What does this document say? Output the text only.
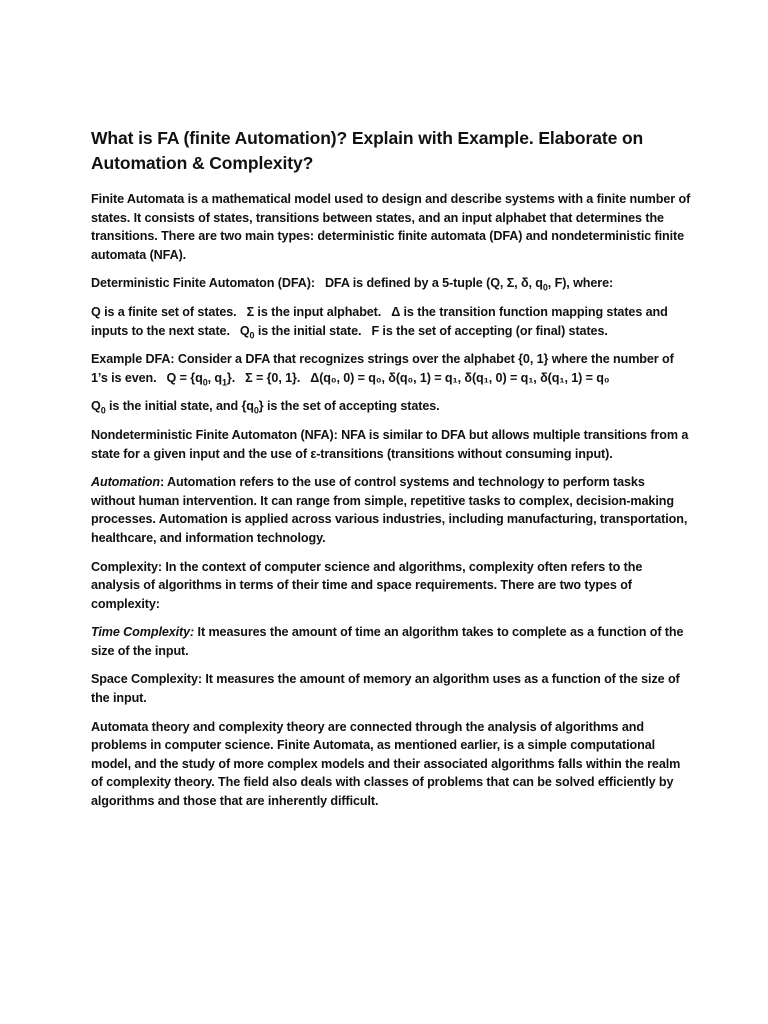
What is FA (finite Automation)? Explain with Example. Elaborate on Automation & Complexity?

Finite Automata is a mathematical model used to design and describe systems with a finite number of states. It consists of states, transitions between states, and an input alphabet that determines the transitions. There are two main types: deterministic finite automata (DFA) and nondeterministic finite automata (NFA).

Deterministic Finite Automaton (DFA): DFA is defined by a 5-tuple (Q, Σ, δ, $q_0$, F), where:

Q is a finite set of states. Σ is the input alphabet. Δ is the transition function mapping states and inputs to the next state. $Q_0$ is the initial state. F is the set of accepting (or final) states.

Example DFA: Consider a DFA that recognizes strings over the alphabet {0, 1} where the number of 1’s is even. $Q = \{q_0$, $q_1$}. Σ = {0, 1}. Δ(q₀, 0) = q₀, δ(q₀, 1) = q₁, δ(q₁, 0) = q₁, δ(q₁, 1) = q₀

$Q_0$ is the initial state, and $\{q_0\}$ is the set of accepting states.

Nondeterministic Finite Automaton (NFA): NFA is similar to DFA but allows multiple transitions from a state for a given input and the use of ε-transitions (transitions without consuming input).

Automation: Automation refers to the use of control systems and technology to perform tasks without human intervention. It can range from simple, repetitive tasks to complex, decision-making processes. Automation is applied across various industries, including manufacturing, transportation, healthcare, and information technology.

Complexity: In the context of computer science and algorithms, complexity often refers to the analysis of algorithms in terms of their time and space requirements. There are two types of complexity:

Time Complexity: It measures the amount of time an algorithm takes to complete as a function of the size of the input.

Space Complexity: It measures the amount of memory an algorithm uses as a function of the size of the input.

Automata theory and complexity theory are connected through the analysis of algorithms and problems in computer science. Finite Automata, as mentioned earlier, is a simple computational model, and the study of more complex models and their associated algorithms falls within the realm of complexity theory. The field also deals with classes of problems that can be solved efficiently by algorithms and those that are inherently difficult.
